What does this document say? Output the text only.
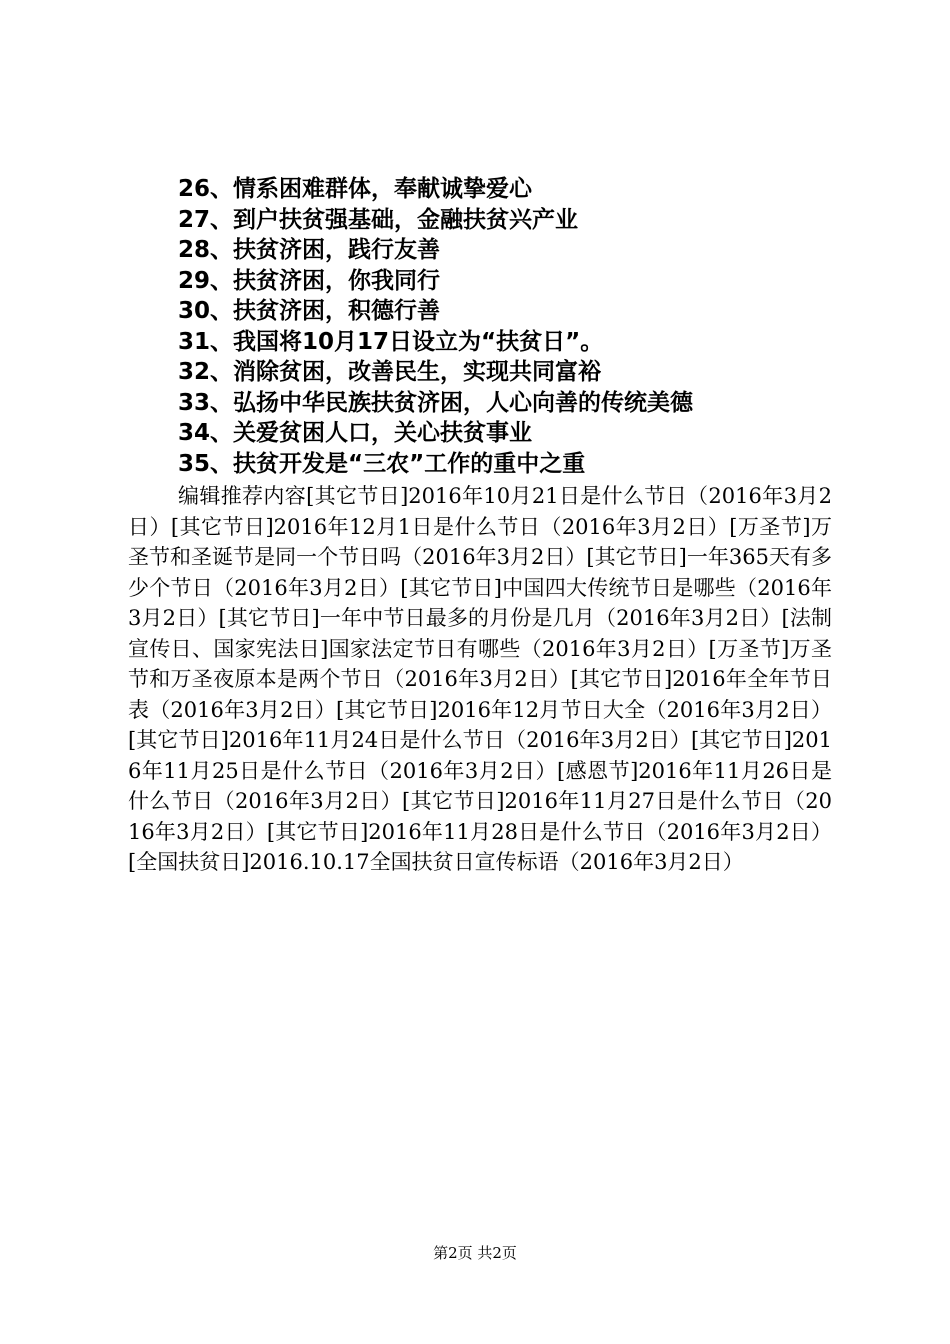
26、情系困难群体，奉献诚挚爱心
27、到户扶贫强基础，金融扶贫兴产业
28、扶贫济困，践行友善
29、扶贫济困，你我同行
30、扶贫济困，积德行善
31、我国将10月17日设立为“扶贫日”。
32、消除贫困，改善民生，实现共同富裕
33、弘扬中华民族扶贫济困，人心向善的传统美德
34、关爱贫困人口，关心扶贫事业
35、扶贫开发是“三农”工作的重中之重

编辑推荐内容[其它节日]2016年10月21日是什么节日（2016年3月2日）[其它节日]2016年12月1日是什么节日（2016年3月2日）[万圣节]万圣节和圣诞节是同一个节日吗（2016年3月2日）[其它节日]一年365天有多少个节日（2016年3月2日）[其它节日]中国四大传统节日是哪些（2016年3月2日）[其它节日]一年中节日最多的月份是几月（2016年3月2日）[法制宣传日、国家宪法日]国家法定节日有哪些（2016年3月2日）[万圣节]万圣节和万圣夜原本是两个节日（2016年3月2日）[其它节日]2016年全年节日表（2016年3月2日）[其它节日]2016年12月节日大全（2016年3月2日）[其它节日]2016年11月24日是什么节日（2016年3月2日）[其它节日]2016年11月25日是什么节日（2016年3月2日）[感恩节]2016年11月26日是什么节日（2016年3月2日）[其它节日]2016年11月27日是什么节日（2016年3月2日）[其它节日]2016年11月28日是什么节日（2016年3月2日）[全国扶贫日]2016.10.17全国扶贫日宣传标语（2016年3月2日）

第2页 共2页
